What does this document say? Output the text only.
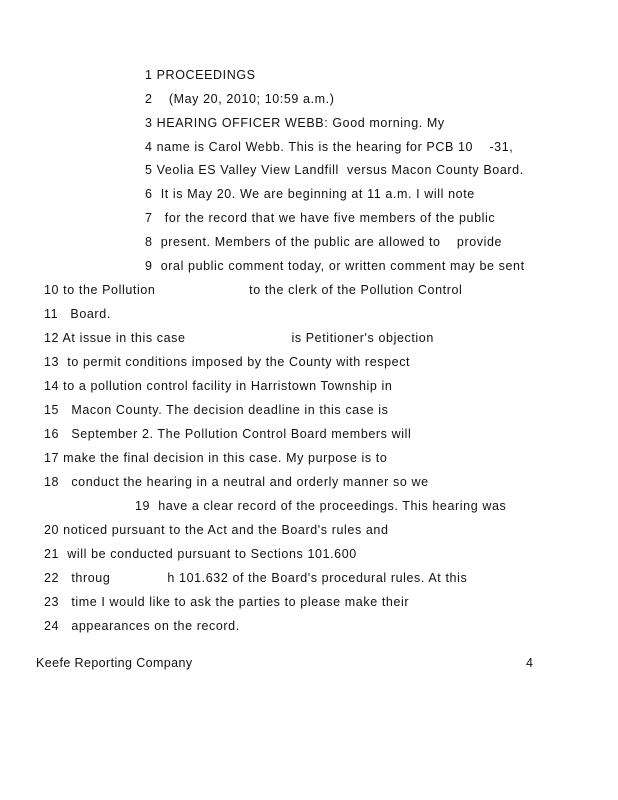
1 PROCEEDINGS
2    (May 20, 2010; 10:59 a.m.)
3 HEARING OFFICER WEBB: Good morning. My
4 name is Carol Webb. This is the hearing for PCB 10    -31,
5 Veolia ES Valley View Landfill  versus Macon County Board.
6  It is May 20. We are beginning at 11 a.m. I will note
7   for the record that we have five members of the public
8  present. Members of the public are allowed to    provide
9  oral public comment today, or written comment may be sent
10 to the Pollution                       to the clerk of the Pollution Control
11   Board.
12 At issue in this case                          is Petitioner's objection
13  to permit conditions imposed by the County with respect
14 to a pollution control facility in Harristown Township in
15   Macon County. The decision deadline in this case is
16   September 2. The Pollution Control Board members will
17 make the final decision in this case. My purpose is to
18   conduct the hearing in a neutral and orderly manner so we
19  have a clear record of the proceedings. This hearing was
20 noticed pursuant to the Act and the Board's rules and
21  will be conducted pursuant to Sections 101.600
22   throug              h 101.632 of the Board's procedural rules. At this
23   time I would like to ask the parties to please make their
24   appearances on the record.
Keefe Reporting Company	4
